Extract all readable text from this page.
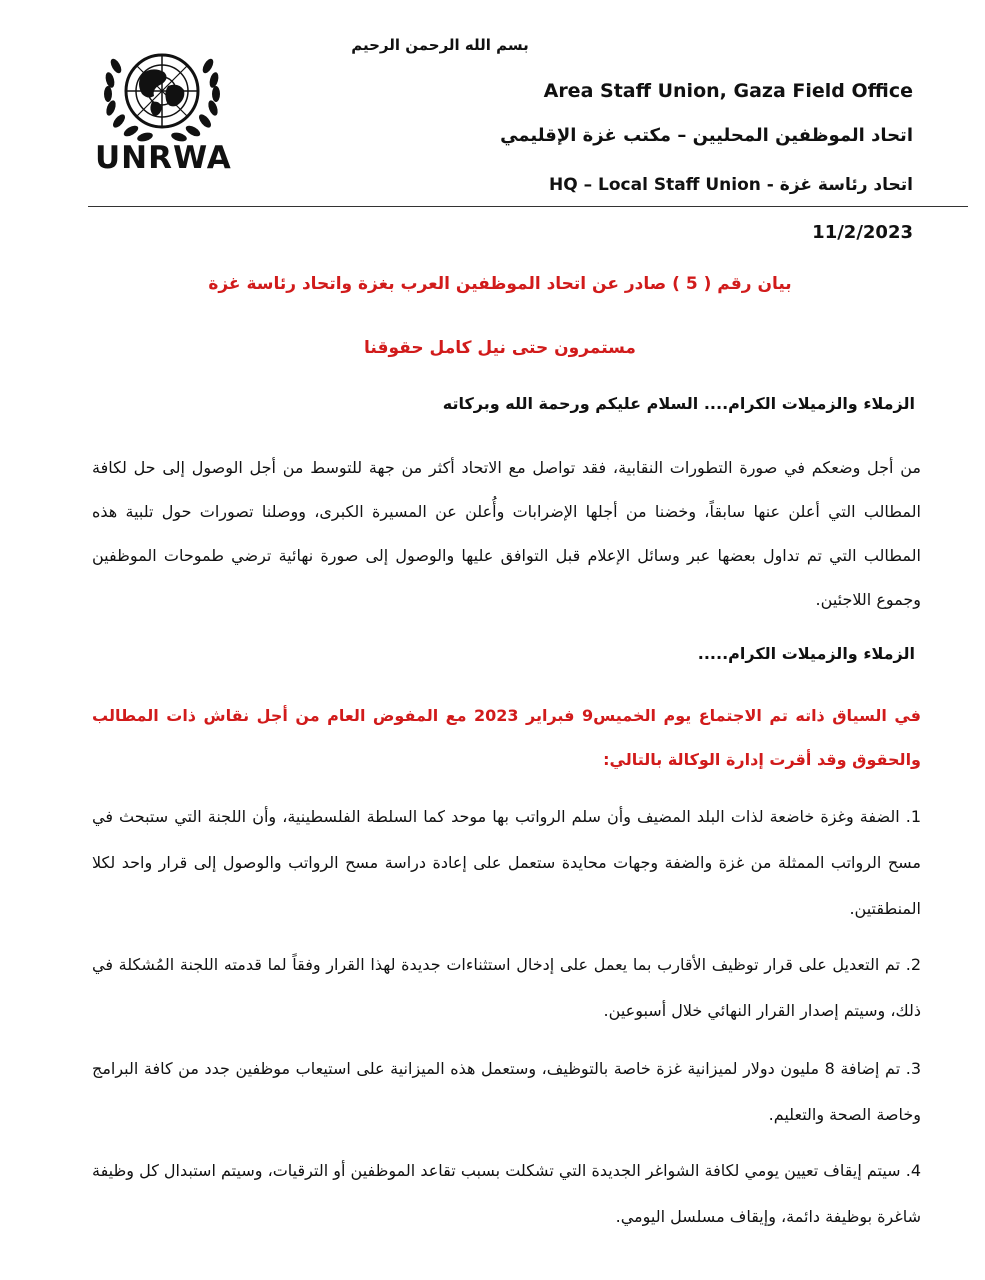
UNRWA
بسم الله الرحمن الرحيم
Area Staff Union, Gaza Field Office
اتحاد الموظفين المحليين – مكتب غزة الإقليمي
اتحاد رئاسة غزة - HQ – Local Staff Union
11/2/2023
بيان رقم ( 5 ) صادر عن اتحاد الموظفين العرب بغزة واتحاد رئاسة غزة
مستمرون حتى نيل كامل حقوقنا
الزملاء والزميلات الكرام.... السلام عليكم ورحمة الله وبركاته
من أجل وضعكم في صورة التطورات النقابية، فقد تواصل مع الاتحاد أكثر من جهة للتوسط من أجل الوصول إلى حل لكافة المطالب التي أعلن عنها سابقاً، وخضنا من أجلها الإضرابات وأُعلن عن المسيرة الكبرى، ووصلنا تصورات حول تلبية هذه المطالب التي تم تداول بعضها عبر وسائل الإعلام قبل التوافق عليها والوصول إلى صورة نهائية ترضي طموحات الموظفين وجموع اللاجئين.
الزملاء والزميلات الكرام.....
في السياق ذاته تم الاجتماع يوم الخميس9 فبراير 2023 مع المفوض العام من أجل نقاش ذات المطالب والحقوق وقد أقرت إدارة الوكالة بالتالي:
1. الضفة وغزة خاضعة لذات البلد المضيف وأن سلم الرواتب بها موحد كما السلطة الفلسطينية، وأن اللجنة التي ستبحث في مسح الرواتب الممثلة من غزة والضفة وجهات محايدة ستعمل على إعادة دراسة مسح الرواتب والوصول إلى قرار واحد لكلا المنطقتين.
2. تم التعديل على قرار توظيف الأقارب بما يعمل على إدخال استثناءات جديدة لهذا القرار وفقاً لما قدمته اللجنة المُشكلة في ذلك، وسيتم إصدار القرار النهائي خلال أسبوعين.
3. تم إضافة 8 مليون دولار لميزانية غزة خاصة بالتوظيف، وستعمل هذه الميزانية على استيعاب موظفين جدد من كافة البرامج وخاصة الصحة والتعليم.
4. سيتم إيقاف تعيين يومي لكافة الشواغر الجديدة التي تشكلت بسبب تقاعد الموظفين أو الترقيات، وسيتم استبدال كل وظيفة شاغرة بوظيفة دائمة، وإيقاف مسلسل اليومي.
